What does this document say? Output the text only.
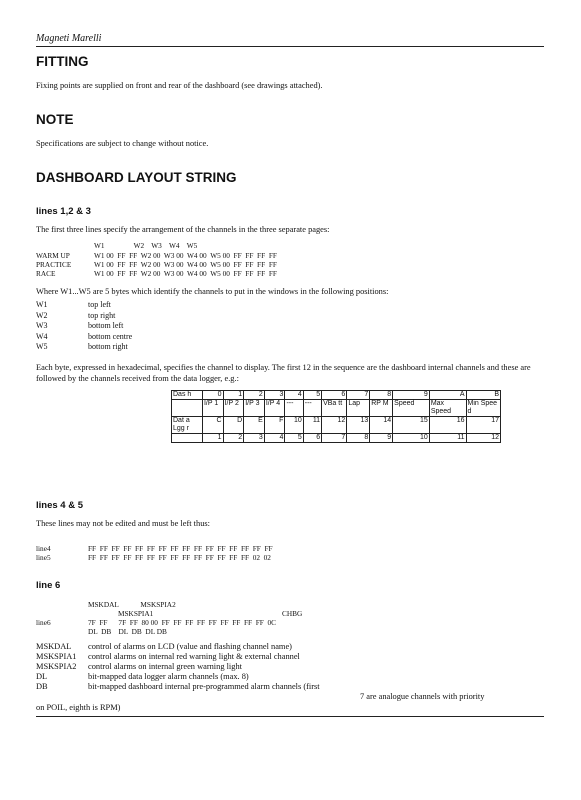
Magneti Marelli
FITTING
Fixing points are supplied on front and rear of the dashboard (see drawings attached).
NOTE
Specifications are subject to change without notice.
DASHBOARD LAYOUT STRING
lines 1,2 & 3
The first three lines specify the arrangement of the channels in the three separate pages:
W1                W2    W3    W4    W5
WARM UP	W1 00  FF  FF  W2 00  W3 00  W4 00  W5 00  FF  FF  FF  FF
PRACTICE	W1 00  FF  FF  W2 00  W3 00  W4 00  W5 00  FF  FF  FF  FF
RACE	W1 00  FF  FF  W2 00  W3 00  W4 00  W5 00  FF  FF  FF  FF
Where W1...W5 are 5 bytes which identify the channels to put in the windows in the following positions:
W1	top left
W2	top right
W3	bottom left
W4	bottom centre
W5	bottom right
Each byte, expressed in hexadecimal, specifies the channel to display. The first 12 in the sequence are the dashboard internal channels and these are followed by the channels received from the data logger, e.g.:
Das h	0	1	2	3	4	5	6	7	8	9	A	B
	I/P 1	I/P 2	I/P 3	I/P 4	---	---	VBa tt	Lap	RP M	Speed	Max Speed	Min Spee d
Dat a Lgg r	C	D	E	F	10	11	12	13	14	15	16	17
	1	2	3	4	5	6	7	8	9	10	11	12
lines 4 & 5
These lines may not be edited and must be left thus:
line4	FF  FF  FF  FF  FF  FF  FF  FF  FF  FF  FF  FF  FF  FF  FF  FF
line5	FF  FF  FF  FF  FF  FF  FF  FF  FF  FF  FF  FF  FF  FF  02  02
line 6
MSKDAL            MSKSPIA2
MSKSPIA1	CHBG
line6	7F  FF      7F  FF  80 00  FF  FF  FF  FF  FF  FF  FF  FF  FF  0C
DL  DB    DL  DB  DL DB
MSKDAL	control of alarms on LCD (value and flashing channel name)
MSKSPIA1	control alarms on internal red warning light & external channel
MSKSPIA2	control alarms on internal green warning light
DL	bit-mapped data logger alarm channels (max. 8)
DB	bit-mapped dashboard internal pre-programmed alarm channels (first
7 are analogue channels with priority
on POIL, eighth is RPM)
